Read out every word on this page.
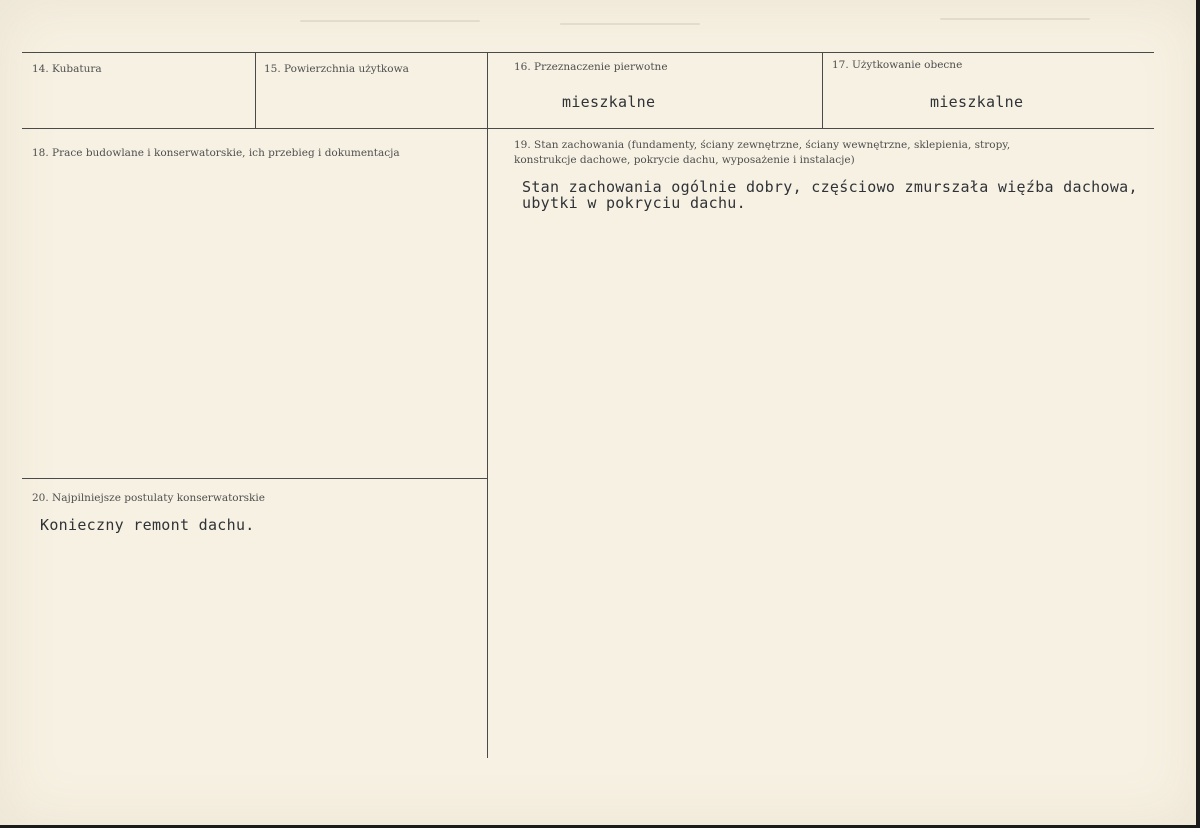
14. Kubatura	15. Powierzchnia użytkowa	16. Przeznaczenie pierwotne
mieszkalne
17. Użytkowanie obecne
mieszkalne
18. Prace budowlane i konserwatorskie, ich przebieg i dokumentacja
19. Stan zachowania (fundamenty, ściany zewnętrzne, ściany wewnętrzne, sklepienia, stropy,
konstrukcje dachowe, pokrycie dachu, wyposażenie i instalacje)
Stan zachowania ogólnie dobry, częściowo zmurszała więźba dachowa,
ubytki w pokryciu dachu.
20. Najpilniejsze postulaty konserwatorskie
Konieczny remont dachu.
